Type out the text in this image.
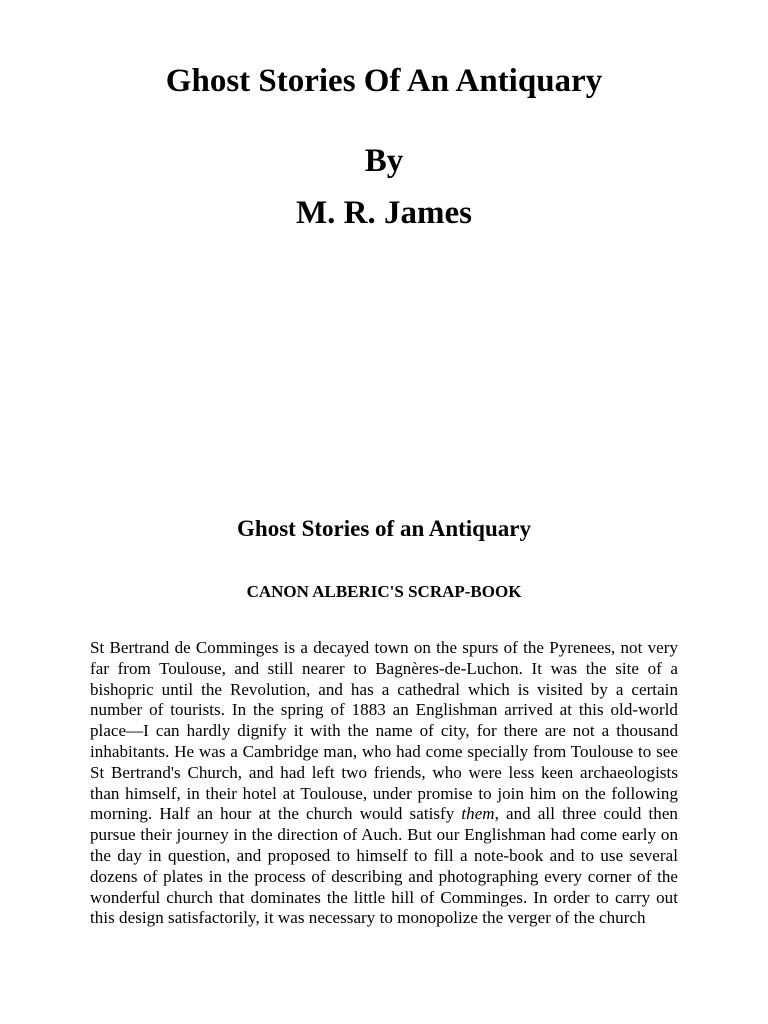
Ghost Stories Of An Antiquary
By
M. R. James
Ghost Stories of an Antiquary
CANON ALBERIC'S SCRAP-BOOK

St Bertrand de Comminges is a decayed town on the spurs of the Pyrenees, not very far from Toulouse, and still nearer to Bagnères-de-Luchon. It was the site of a bishopric until the Revolution, and has a cathedral which is visited by a certain number of tourists. In the spring of 1883 an Englishman arrived at this old-world place—I can hardly dignify it with the name of city, for there are not a thousand inhabitants. He was a Cambridge man, who had come specially from Toulouse to see St Bertrand's Church, and had left two friends, who were less keen archaeologists than himself, in their hotel at Toulouse, under promise to join him on the following morning. Half an hour at the church would satisfy them, and all three could then pursue their journey in the direction of Auch. But our Englishman had come early on the day in question, and proposed to himself to fill a note-book and to use several dozens of plates in the process of describing and photographing every corner of the wonderful church that dominates the little hill of Comminges. In order to carry out this design satisfactorily, it was necessary to monopolize the verger of the church
